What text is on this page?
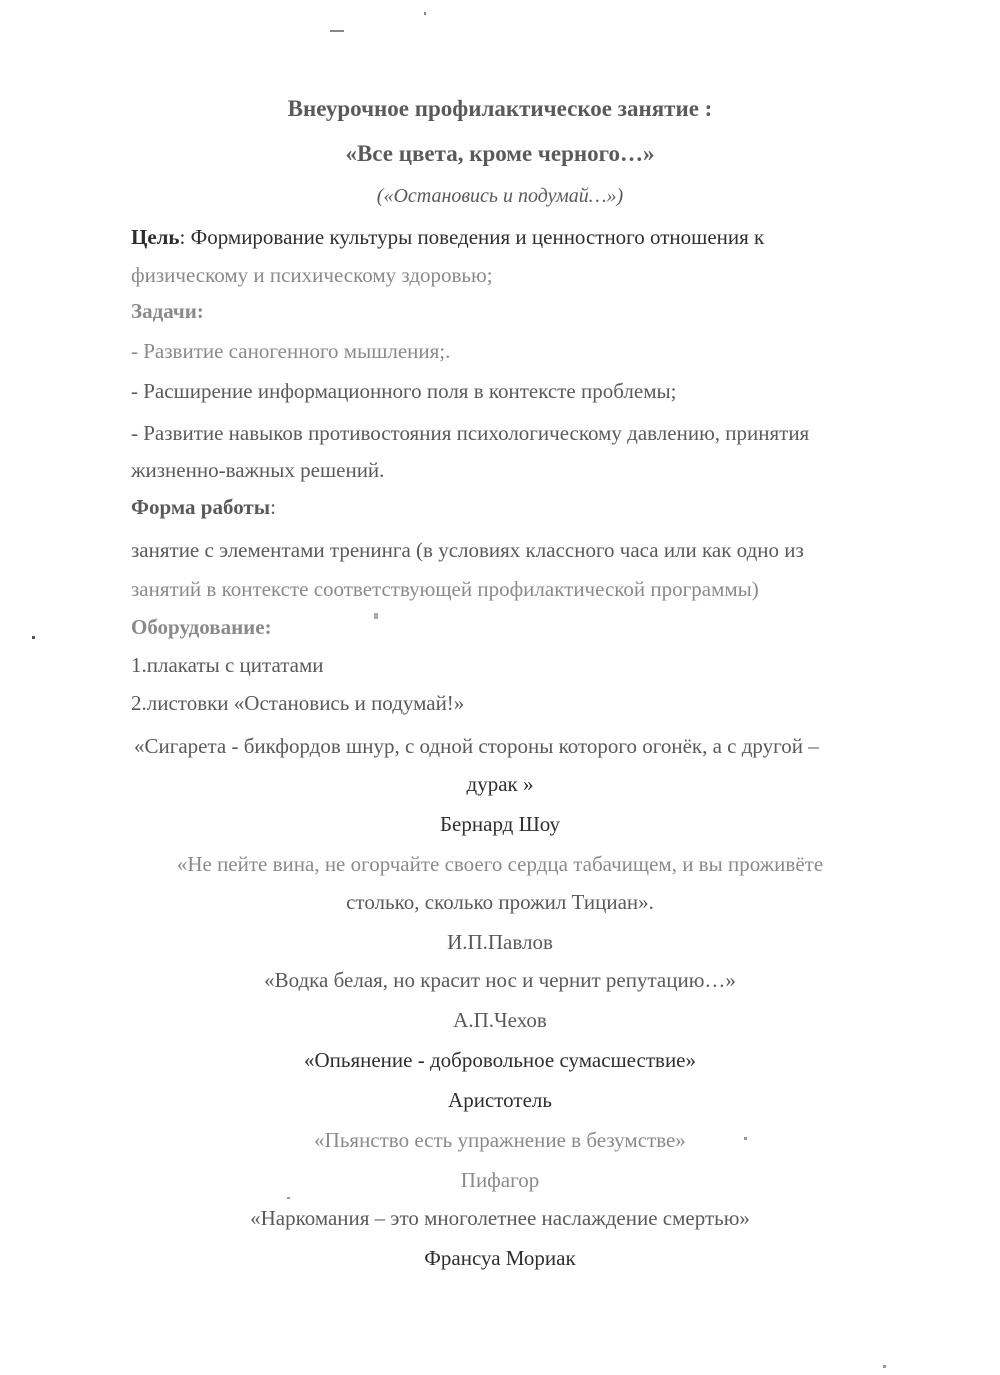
Внеурочное профилактическое занятие :
«Все цвета, кроме черного…»
(«Остановись и подумай…»)
Цель: Формирование культуры поведения и ценностного отношения к
физическому и психическому здоровью;
Задачи:
- Развитие саногенного мышления;.
- Расширение информационного поля в контексте проблемы;
- Развитие навыков противостояния психологическому давлению, принятия
жизненно-важных решений.
Форма работы:
занятие с элементами тренинга (в условиях классного часа или как одно из
занятий в контексте соответствующей профилактической программы)
Оборудование:
1.плакаты с цитатами
2.листовки «Остановись и подумай!»
«Сигарета - бикфордов шнур, с одной стороны которого огонёк, а с другой –
дурак »
Бернард Шоу
«Не пейте вина, не огорчайте своего сердца табачищем, и вы проживёте
столько, сколько прожил Тициан».
И.П.Павлов
«Водка белая, но красит нос и чернит репутацию…»
А.П.Чехов
«Опьянение - добровольное сумасшествие»
Аристотель
«Пьянство есть упражнение в безумстве»
Пифагор
«Наркомания – это многолетнее наслаждение смертью»
Франсуа Мориак
